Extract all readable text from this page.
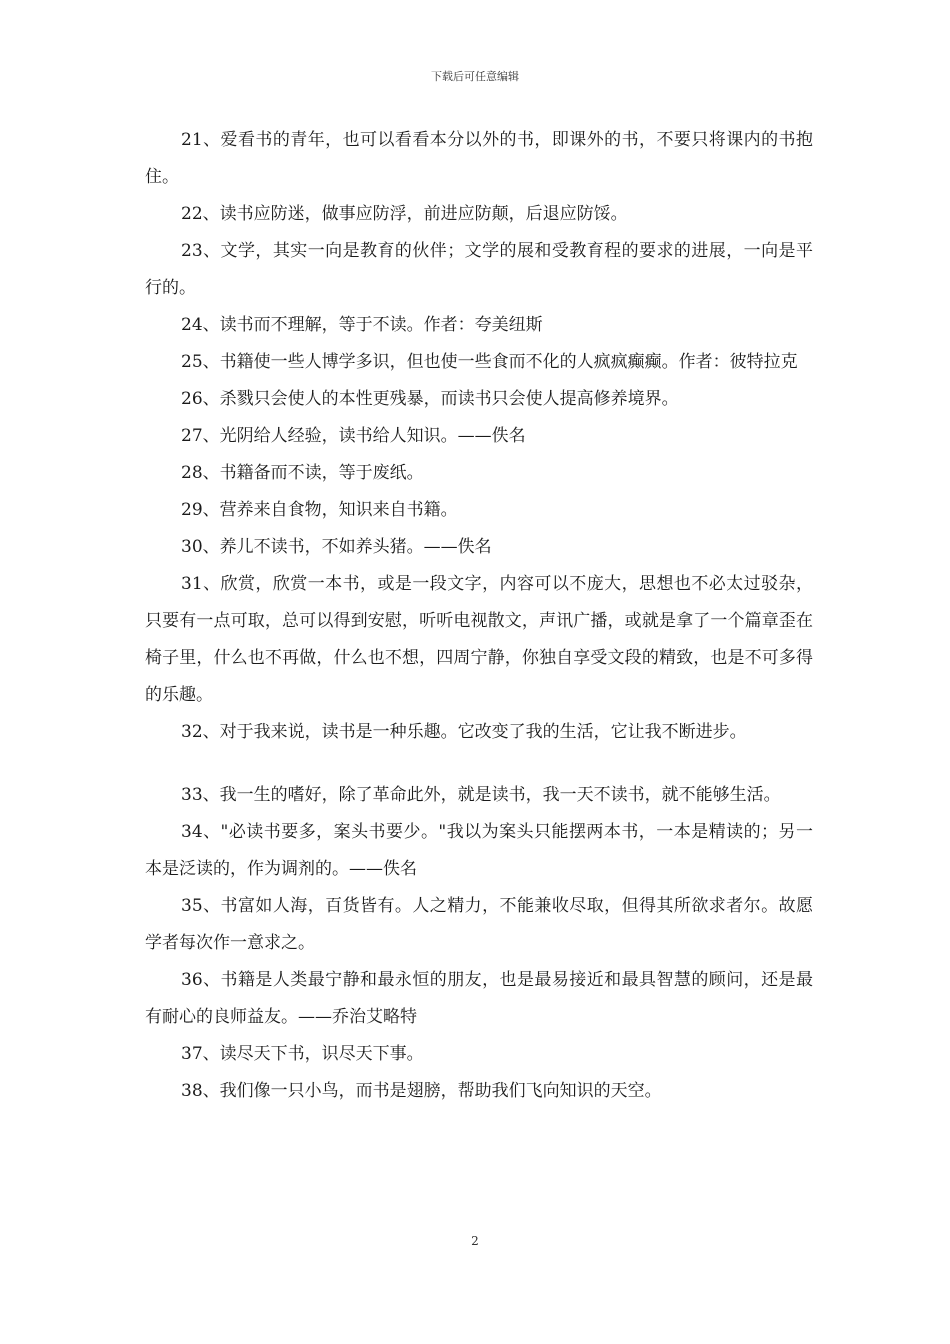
下载后可任意编辑

21、爱看书的青年，也可以看看本分以外的书，即课外的书，不要只将课内的书抱住。

22、读书应防迷，做事应防浮，前进应防颠，后退应防馁。

23、文学，其实一向是教育的伙伴；文学的展和受教育程的要求的进展，一向是平行的。

24、读书而不理解，等于不读。作者：夸美纽斯

25、书籍使一些人博学多识，但也使一些食而不化的人疯疯癫癫。作者：彼特拉克

26、杀戮只会使人的本性更残暴，而读书只会使人提高修养境界。

27、光阴给人经验，读书给人知识。——佚名

28、书籍备而不读，等于废纸。

29、营养来自食物，知识来自书籍。

30、养儿不读书，不如养头猪。——佚名

31、欣赏，欣赏一本书，或是一段文字，内容可以不庞大，思想也不必太过驳杂，只要有一点可取，总可以得到安慰，听听电视散文，声讯广播，或就是拿了一个篇章歪在椅子里，什么也不再做，什么也不想，四周宁静，你独自享受文段的精致，也是不可多得的乐趣。

32、对于我来说，读书是一种乐趣。它改变了我的生活，它让我不断进步。

33、我一生的嗜好，除了革命此外，就是读书，我一天不读书，就不能够生活。

34、"必读书要多，案头书要少。"我以为案头只能摆两本书，一本是精读的；另一本是泛读的，作为调剂的。——佚名

35、书富如人海，百货皆有。人之精力，不能兼收尽取，但得其所欲求者尔。故愿学者每次作一意求之。

36、书籍是人类最宁静和最永恒的朋友，也是最易接近和最具智慧的顾问，还是最有耐心的良师益友。——乔治艾略特

37、读尽天下书，识尽天下事。

38、我们像一只小鸟，而书是翅膀，帮助我们飞向知识的天空。

2
